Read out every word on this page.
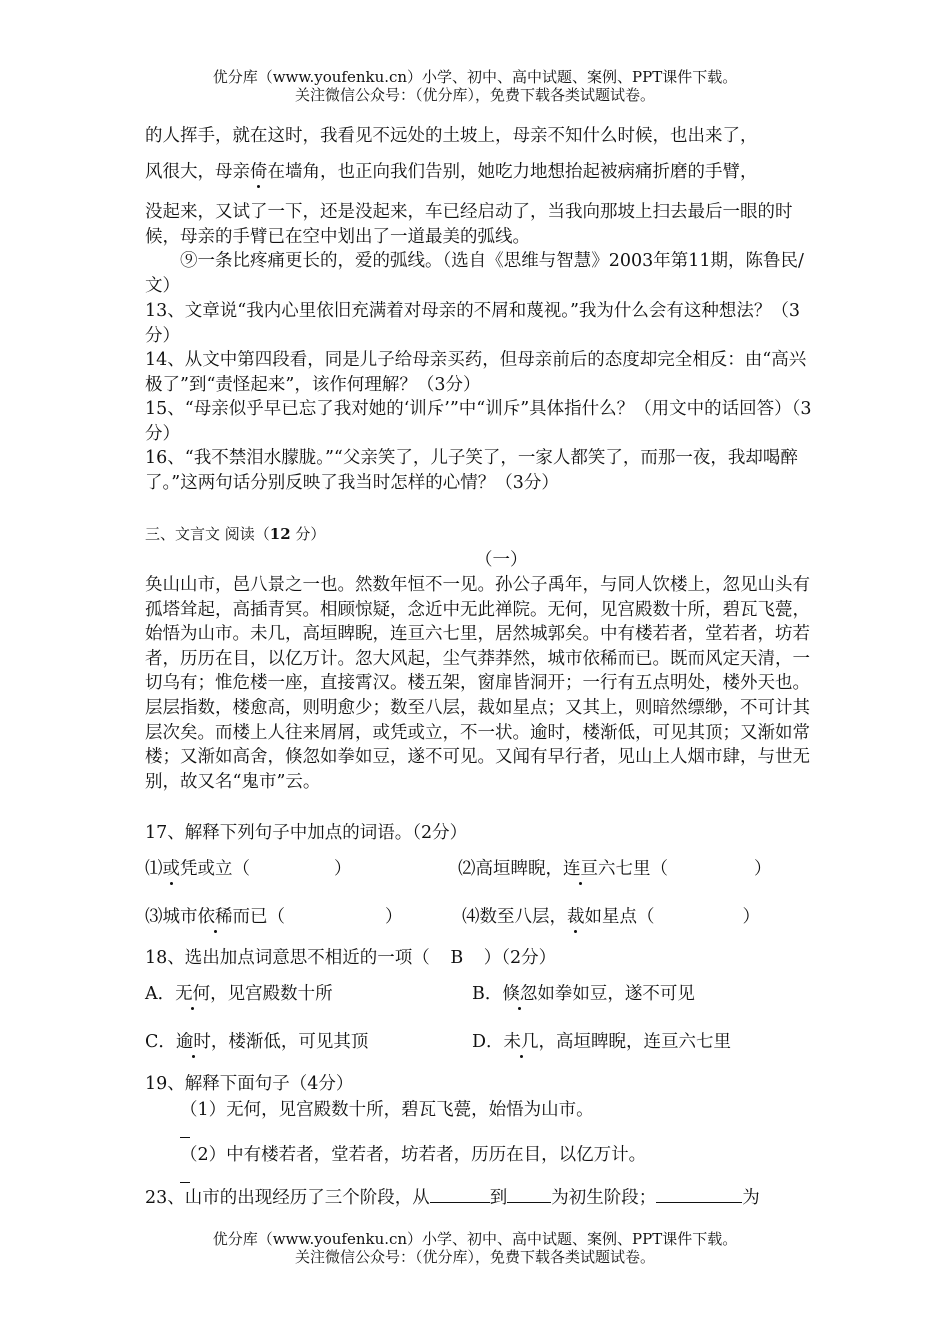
优分库（www.youfenku.cn）小学、初中、高中试题、案例、PPT课件下载。
关注微信公众号：（优分库），免费下载各类试题试卷。
的人挥手，就在这时，我看见不远处的土坡上，母亲不知什么时候，也出来了，
风很大，母亲倚在墙角，也正向我们告别，她吃力地想抬起被病痛折磨的手臂，
没起来，又试了一下，还是没起来，车已经启动了，当我向那坡上扫去最后一眼的时候，母亲的手臂已在空中划出了一道最美的弧线。
⑨一条比疼痛更长的，爱的弧线。（选自《思维与智慧》2003年第11期，陈鲁民/文）
13、文章说“我内心里依旧充满着对母亲的不屑和蔑视。”我为什么会有这种想法？（3分）
14、从文中第四段看，同是儿子给母亲买药，但母亲前后的态度却完全相反：由“高兴极了”到“责怪起来”，该作何理解？（3分）
15、“母亲似乎早已忘了我对她的‘训斥’”中“训斥”具体指什么？（用文中的话回答）（3分）
16、“我不禁泪水朦胧。”“父亲笑了，儿子笑了，一家人都笑了，而那一夜，我却喝醉了。”这两句话分别反映了我当时怎样的心情？（3分）
三、文言文 阅读（12 分）
（一）
奂山山市，邑八景之一也。然数年恒不一见。孙公子禹年，与同人饮楼上，忽见山头有孤塔耸起，高插青冥。相顾惊疑，念近中无此禅院。无何，见宫殿数十所，碧瓦飞甍，始悟为山市。未几，高垣睥睨，连亘六七里，居然城郭矣。中有楼若者，堂若者，坊若者，历历在目，以亿万计。忽大风起，尘气莽莽然，城市依稀而已。既而风定天清，一切乌有；惟危楼一座，直接霄汉。楼五架，窗扉皆洞开；一行有五点明处，楼外天也。层层指数，楼愈高，则明愈少；数至八层，裁如星点；又其上，则暗然缥缈，不可计其层次矣。而楼上人往来屑屑，或凭或立，不一状。逾时，楼渐低，可见其顶；又渐如常楼；又渐如高舍，倏忽如拳如豆，遂不可见。又闻有早行者，见山上人烟市肆，与世无别，故又名“鬼市”云。
17、解释下列句子中加点的词语。（2分）
⑴或凭或立（	）	⑵高垣睥睨，连亘六七里（	）
⑶城市依稀而已（	）	⑷数至八层，裁如星点（	）
18、选出加点词意思不相近的一项（ B ）（2分）
A．无何，见宫殿数十所	B．倏忽如拳如豆，遂不可见
C．逾时，楼渐低，可见其顶	D．未几，高垣睥睨，连亘六七里
19、解释下面句子（4分）
（1）无何，见宫殿数十所，碧瓦飞甍，始悟为山市。
（2）中有楼若者，堂若者，坊若者，历历在目，以亿万计。
23、山市的出现经历了三个阶段，从	到	为初生阶段；	为
优分库（www.youfenku.cn）小学、初中、高中试题、案例、PPT课件下载。
关注微信公众号：（优分库），免费下载各类试题试卷。
